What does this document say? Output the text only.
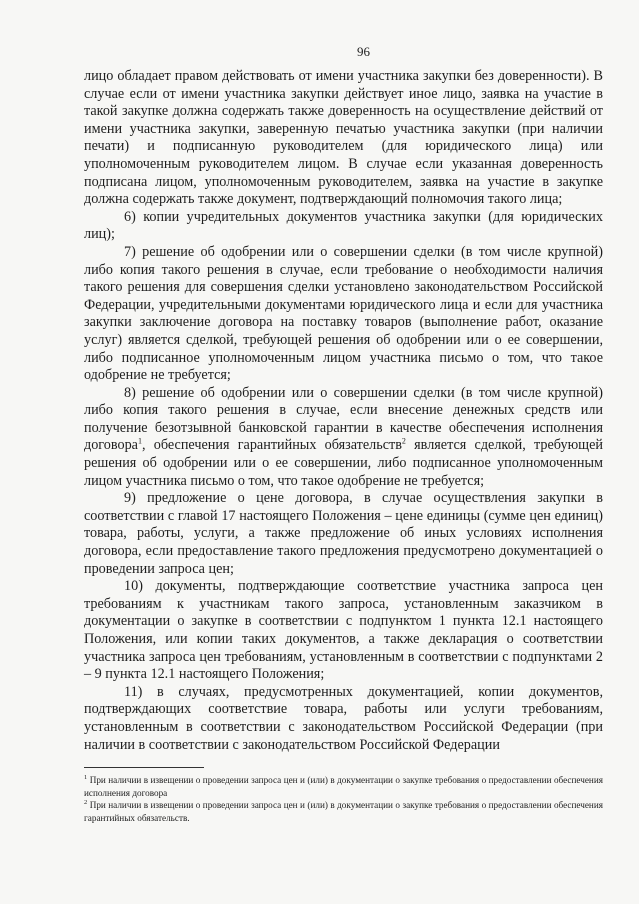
96

лицо обладает правом действовать от имени участника закупки без доверенности). В случае если от имени участника закупки действует иное лицо, заявка на участие в такой закупке должна содержать также доверенность на осуществление действий от имени участника закупки, заверенную печатью участника закупки (при наличии печати) и подписанную руководителем (для юридического лица) или уполномоченным руководителем лицом. В случае если указанная доверенность подписана лицом, уполномоченным руководителем, заявка на участие в закупке должна содержать также документ, подтверждающий полномочия такого лица;

6) копии учредительных документов участника закупки (для юридических лиц);

7) решение об одобрении или о совершении сделки (в том числе крупной) либо копия такого решения в случае, если требование о необходимости наличия такого решения для совершения сделки установлено законодательством Российской Федерации, учредительными документами юридического лица и если для участника закупки заключение договора на поставку товаров (выполнение работ, оказание услуг) является сделкой, требующей решения об одобрении или о ее совершении, либо подписанное уполномоченным лицом участника письмо о том, что такое одобрение не требуется;

8) решение об одобрении или о совершении сделки (в том числе крупной) либо копия такого решения в случае, если внесение денежных средств или получение безотзывной банковской гарантии в качестве обеспечения исполнения договора$^1$, обеспечения гарантийных обязательств$^2$ является сделкой, требующей решения об одобрении или о ее совершении, либо подписанное уполномоченным лицом участника письмо о том, что такое одобрение не требуется;

9) предложение о цене договора, в случае осуществления закупки в соответствии с главой 17 настоящего Положения – цене единицы (сумме цен единиц) товара, работы, услуги, а также предложение об иных условиях исполнения договора, если предоставление такого предложения предусмотрено документацией о проведении запроса цен;

10) документы, подтверждающие соответствие участника запроса цен требованиям к участникам такого запроса, установленным заказчиком в документации о закупке в соответствии с подпунктом 1 пункта 12.1 настоящего Положения, или копии таких документов, а также декларация о соответствии участника запроса цен требованиям, установленным в соответствии с подпунктами 2 – 9 пункта 12.1 настоящего Положения;

11) в случаях, предусмотренных документацией, копии документов, подтверждающих соответствие товара, работы или услуги требованиям, установленным в соответствии с законодательством Российской Федерации (при наличии в соответствии с законодательством Российской Федерации

$^1$ При наличии в извещении о проведении запроса цен и (или) в документации о закупке требования о предоставлении обеспечения исполнения договора

$^2$ При наличии в извещении о проведении запроса цен и (или) в документации о закупке требования о предоставлении обеспечения гарантийных обязательств.
